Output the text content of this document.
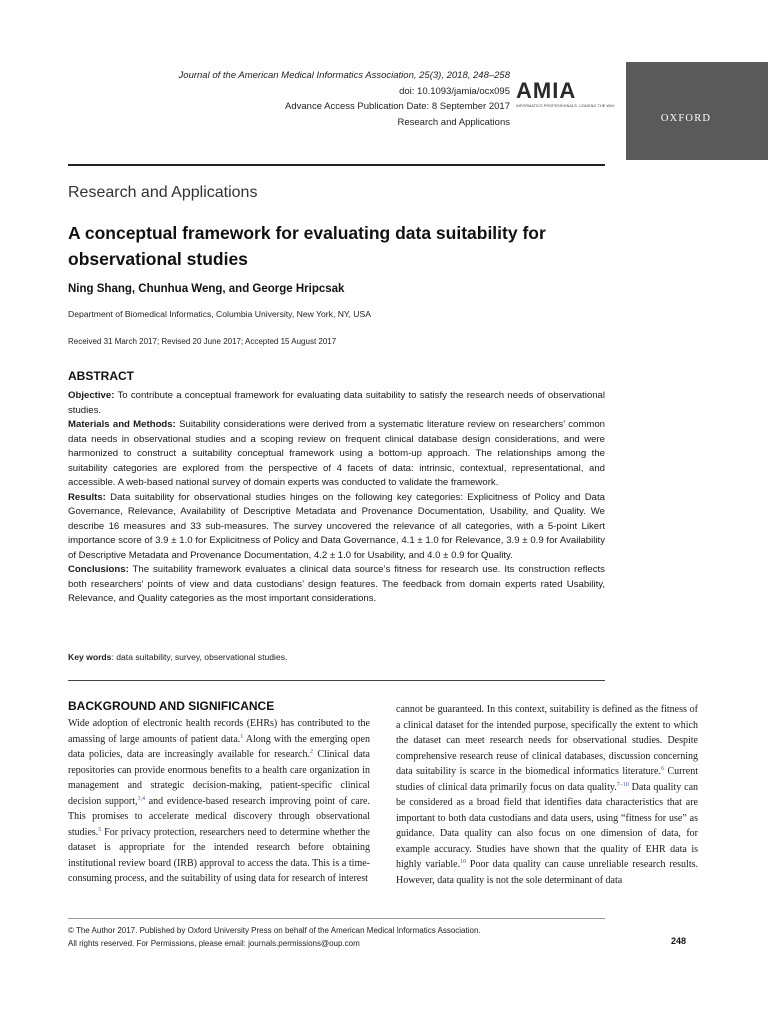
Journal of the American Medical Informatics Association, 25(3), 2018, 248–258
doi: 10.1093/jamia/ocx095
Advance Access Publication Date: 8 September 2017
Research and Applications
AMIA
INFORMATICS PROFESSIONALS. LEADING THE WAY.
OXFORD
Research and Applications
A conceptual framework for evaluating data suitability for observational studies
Ning Shang, Chunhua Weng, and George Hripcsak
Department of Biomedical Informatics, Columbia University, New York, NY, USA
Received 31 March 2017; Revised 20 June 2017; Accepted 15 August 2017
ABSTRACT

Objective: To contribute a conceptual framework for evaluating data suitability to satisfy the research needs of observational studies.

Materials and Methods: Suitability considerations were derived from a systematic literature review on researchers’ common data needs in observational studies and a scoping review on frequent clinical database design considerations, and were harmonized to construct a suitability conceptual framework using a bottom-up approach. The relationships among the suitability categories are explored from the perspective of 4 facets of data: intrinsic, contextual, representational, and accessible. A web-based national survey of domain experts was conducted to validate the framework.

Results: Data suitability for observational studies hinges on the following key categories: Explicitness of Policy and Data Governance, Relevance, Availability of Descriptive Metadata and Provenance Documentation, Usability, and Quality. We describe 16 measures and 33 sub-measures. The survey uncovered the relevance of all categories, with a 5-point Likert importance score of 3.9 ± 1.0 for Explicitness of Policy and Data Governance, 4.1 ± 1.0 for Relevance, 3.9 ± 0.9 for Availability of Descriptive Metadata and Provenance Documentation, 4.2 ± 1.0 for Usability, and 4.0 ± 0.9 for Quality.

Conclusions: The suitability framework evaluates a clinical data source’s fitness for research use. Its construction reflects both researchers’ points of view and data custodians’ design features. The feedback from domain experts rated Usability, Relevance, and Quality categories as the most important considerations.

Key words: data suitability, survey, observational studies.
BACKGROUND AND SIGNIFICANCE

Wide adoption of electronic health records (EHRs) has contributed to the amassing of large amounts of patient data.$^1$ Along with the emerging open data policies, data are increasingly available for research.$^2$ Clinical data repositories can provide enormous benefits to a health care organization in management and strategic decision-making, patient-specific clinical decision support,$^{3,4}$ and evidence-based research improving point of care. This promises to accelerate medical discovery through observational studies.$^5$ For privacy protection, researchers need to determine whether the dataset is appropriate for the intended research before obtaining institutional review board (IRB) approval to access the data. This is a time-consuming process, and the suitability of using data for research of interest

cannot be guaranteed. In this context, suitability is defined as the fitness of a clinical dataset for the intended purpose, specifically the extent to which the dataset can meet research needs for observational studies. Despite comprehensive research reuse of clinical databases, discussion concerning data suitability is scarce in the biomedical informatics literature.$^6$ Current studies of clinical data primarily focus on data quality.$^{7-10}$ Data quality can be considered as a broad field that identifies data characteristics that are important to both data custodians and data users, using “fitness for use” as guidance. Data quality can also focus on one dimension of data, for example accuracy. Studies have shown that the quality of EHR data is highly variable.$^{10}$ Poor data quality can cause unreliable research results. However, data quality is not the sole determinant of data

© The Author 2017. Published by Oxford University Press on behalf of the American Medical Informatics Association.
All rights reserved. For Permissions, please email: journals.permissions@oup.com	248
